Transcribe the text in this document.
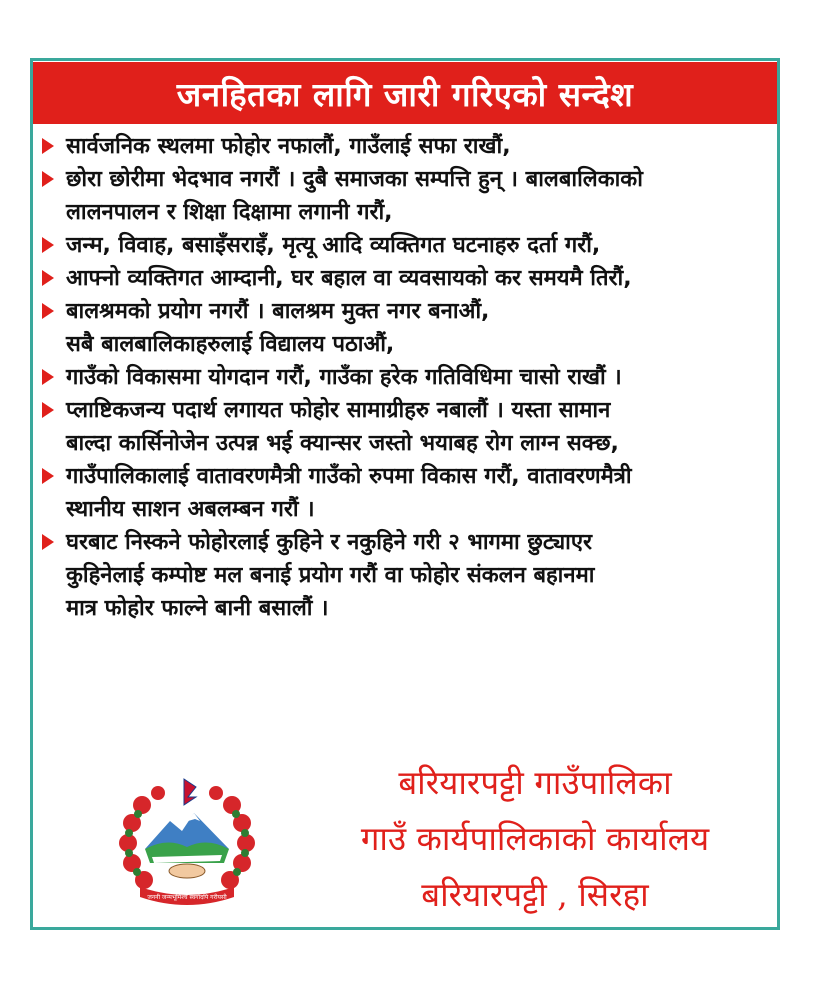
जनहितका लागि जारी गरिएको सन्देश
सार्वजनिक स्थलमा फोहोर नफालौं, गाउँलाई सफा राखौं,
छोरा छोरीमा भेदभाव नगरौं । दुबै समाजका सम्पत्ति हुन् । बालबालिकाको
लालनपालन र शिक्षा दिक्षामा लगानी गरौं,
जन्म, विवाह, बसाइँसराइँ, मृत्यू आदि व्यक्तिगत घटनाहरु दर्ता गरौं,
आफ्नो व्यक्तिगत आम्दानी, घर बहाल वा व्यवसायको कर समयमै तिरौं,
बालश्रमको प्रयोग नगरौं । बालश्रम मुक्त नगर बनाऔं,
सबै बालबालिकाहरुलाई विद्यालय पठाऔं,
गाउँको विकासमा योगदान गरौं, गाउँका हरेक गतिविधिमा चासो राखौं ।
प्लाष्टिकजन्य पदार्थ लगायत फोहोर सामाग्रीहरु नबालौं । यस्ता सामान
बाल्दा कार्सिनोजेन उत्पन्न भई क्यान्सर जस्तो भयाबह रोग लाग्न सक्छ,
गाउँपालिकालाई वातावरणमैत्री गाउँको रुपमा विकास गरौं, वातावरणमैत्री
स्थानीय साशन अबलम्बन गरौं ।
घरबाट निस्कने फोहोरलाई कुहिने र नकुहिने गरी २ भागमा छुट्याएर
कुहिनेलाई कम्पोष्ट मल बनाई प्रयोग गरौं वा फोहोर संकलन बहानमा
मात्र फोहोर फाल्ने बानी बसालौं ।
जननी जन्मभूमिश्च स्वर्गादपि गरीयसी
बरियारपट्टी गाउँपालिका
गाउँ कार्यपालिकाको कार्यालय
बरियारपट्टी , सिरहा
